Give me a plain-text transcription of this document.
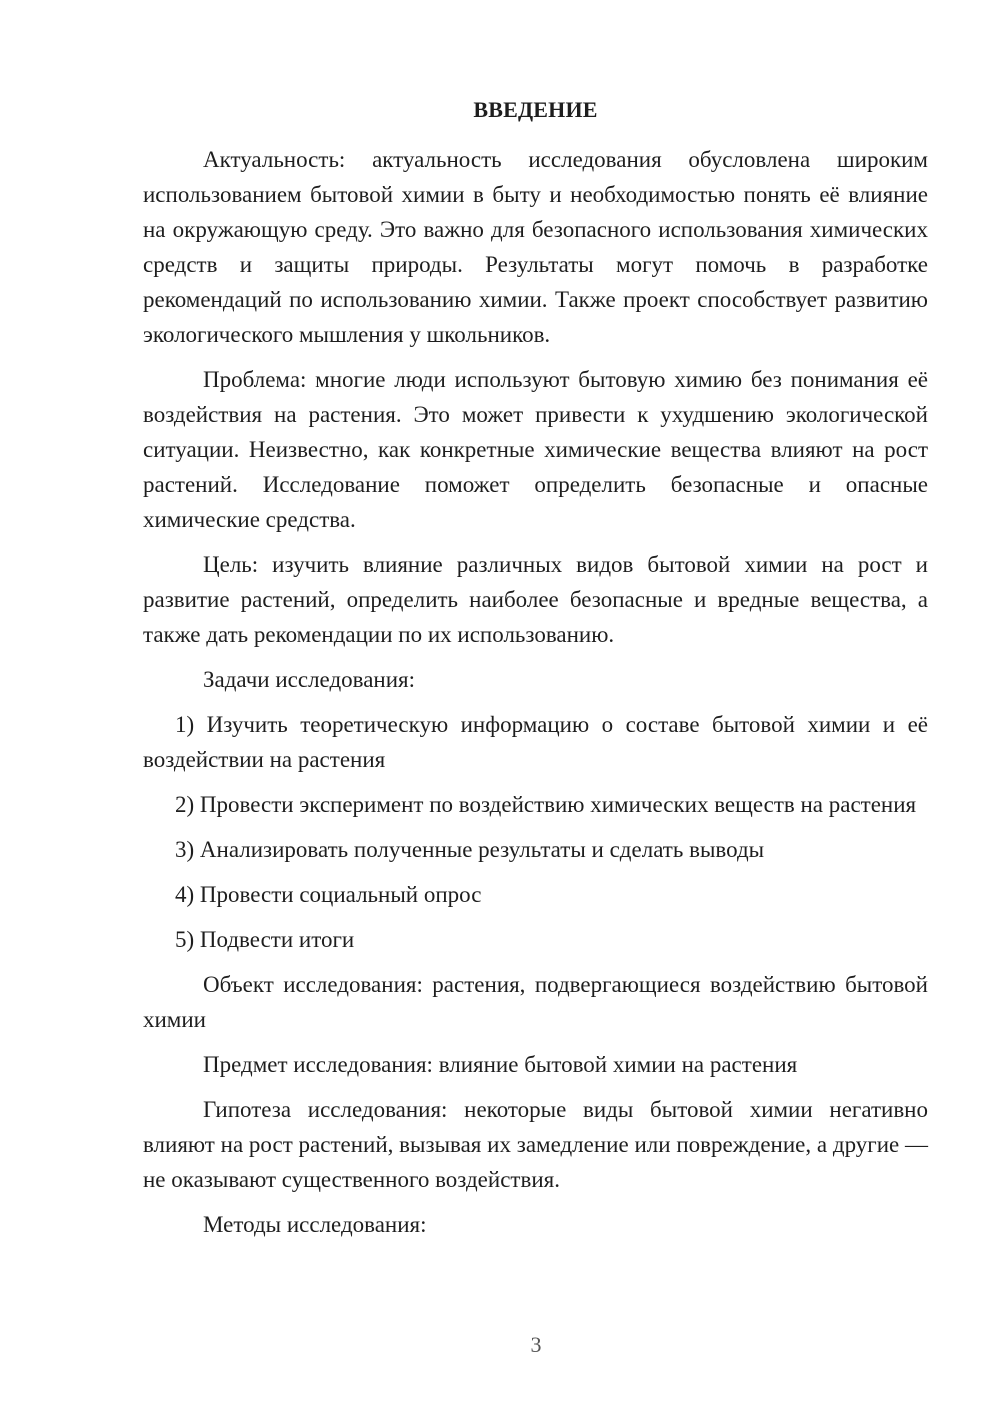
ВВЕДЕНИЕ

Актуальность: актуальность исследования обусловлена широким использованием бытовой химии в быту и необходимостью понять её влияние на окружающую среду. Это важно для безопасного использования химических средств и защиты природы. Результаты могут помочь в разработке рекомендаций по использованию химии. Также проект способствует развитию экологического мышления у школьников.

Проблема: многие люди используют бытовую химию без понимания её воздействия на растения. Это может привести к ухудшению экологической ситуации. Неизвестно, как конкретные химические вещества влияют на рост растений. Исследование поможет определить безопасные и опасные химические средства.

Цель: изучить влияние различных видов бытовой химии на рост и развитие растений, определить наиболее безопасные и вредные вещества, а также дать рекомендации по их использованию.

Задачи исследования:

1) Изучить теоретическую информацию о составе бытовой химии и её воздействии на растения

2) Провести эксперимент по воздействию химических веществ на растения

3) Анализировать полученные результаты и сделать выводы

4) Провести социальный опрос

5) Подвести итоги

Объект исследования: растения, подвергающиеся воздействию бытовой химии

Предмет исследования: влияние бытовой химии на растения

Гипотеза исследования: некоторые виды бытовой химии негативно влияют на рост растений, вызывая их замедление или повреждение, а другие — не оказывают существенного воздействия.

Методы исследования:

3
